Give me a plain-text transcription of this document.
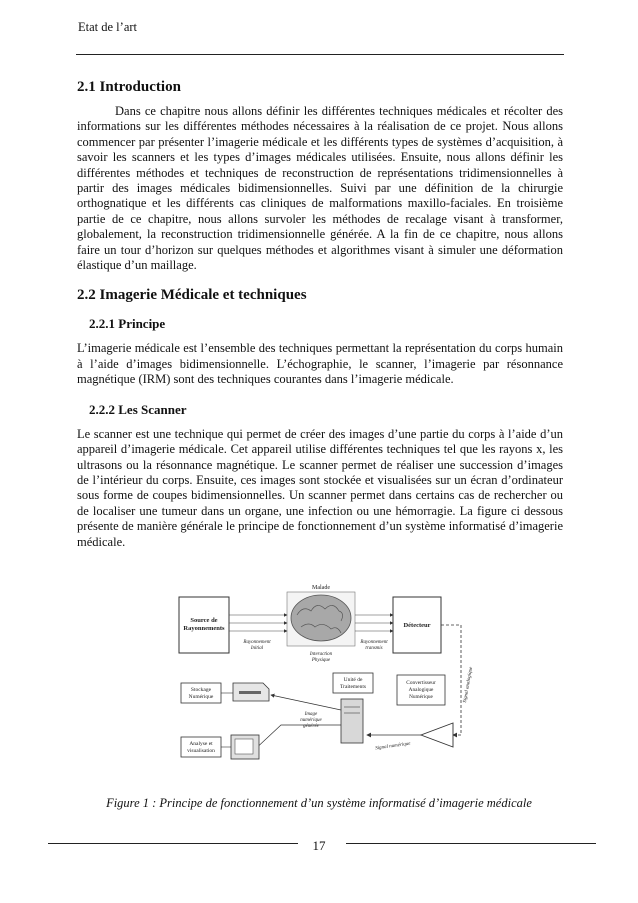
Etat de l’art
2.1 Introduction

Dans ce chapitre nous allons définir les différentes techniques médicales et récolter des informations sur les différentes méthodes nécessaires à la réalisation de ce projet. Nous allons commencer par présenter l’imagerie médicale et les différents types de systèmes d’acquisition, à savoir les scanners et les types d’images médicales utilisées. Ensuite, nous allons définir les différentes méthodes et techniques de reconstruction de représentations tridimensionnelles à partir des images médicales bidimensionnelles. Suivi par une définition de la chirurgie orthognatique et les différents cas cliniques de malformations maxillo-faciales. En troisième partie de ce chapitre, nous allons survoler les méthodes de recalage visant à transformer, globalement, la reconstruction tridimensionnelle générée. A la fin de ce chapitre, nous allons faire un tour d’horizon sur quelques méthodes et algorithmes visant à simuler une déformation élastique d’un maillage.

2.2 Imagerie Médicale et techniques
2.2.1 Principe

L’imagerie médicale est l’ensemble des techniques permettant la représentation du corps humain à l’aide d’images bidimensionnelle. L’échographie, le scanner, l’imagerie par résonnance magnétique (IRM) sont des techniques courantes dans l’imagerie médicale.

2.2.2 Les Scanner

Le scanner est une technique qui permet de créer des images d’une partie du corps à l’aide d’un appareil d’imagerie médicale. Cet appareil utilise différentes techniques tel que les rayons x, les ultrasons ou la résonnance magnétique. Le scanner permet de réaliser une succession d’images de l’intérieur du corps. Ensuite, ces images sont stockée et visualisées sur un écran d’ordinateur sous forme de coupes bidimensionnelles. Un scanner permet dans certains cas de rechercher ou de localiser une tumeur dans un organe, une infection ou une hémorragie. La figure ci dessous présente de manière générale le principe de fonctionnement d’un système informatisé d’imagerie médicale.

Source de Rayonnements
Malade
Détecteur
Rayonnement Initial
Interaction Physique
Rayonnement transmis
Signal analogique
Stockage Numérique
Unité de Traitements
Convertisseur Analogique Numérique
Signal numérique
Image numérique générée
Analyse et visualisation
Figure 1 : Principe de fonctionnement d’un système informatisé d’imagerie médicale
17
